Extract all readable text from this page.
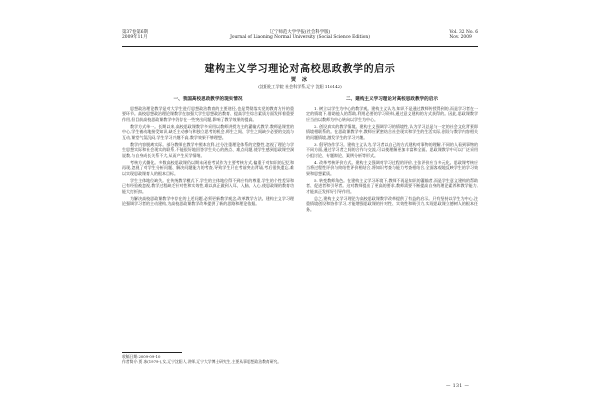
第37卷第6期
2009年11月
辽宁师范大学学报(社会科学版)
Journal of Liaoning Normal University (Social Science Edition)
Vol. 32 No. 6
Nov. 2009
建构主义学习理论对高校思政教学的启示
贾 冰
(沈阳化工学院 社会科学系,辽宁 沈阳 110142)
一、我国高校思政教学的现实情况

思想政治理论教学是对大学生进行思想政治教育的主要途径,也是贯彻落实党的教育方针的重要环节。高校思想政治理论课教学在加强大学生思想政治教育、提高学生综合素质方面发挥着重要作用,但目前高校思政课教学中仍存在一些突出问题,影响了教学效果的提高。

教学方式单一。长期以来,高校思政课教学多采用以教师讲授为主的灌输式教学,教师是课堂的中心,学生被动地接受知识,缺乏主动参与和独立思考的机会,师生之间、学生之间缺少必要的交流与互动,课堂气氛沉闷,学生学习兴趣不高,教学效果不够理想。

教学内容脱离实际。部分教师在教学中照本宣科,过分注重理论体系的完整性,忽视了理论与学生思想实际和社会现实的联系,不能很好地回答学生关心的热点、难点问题,使学生感到思政课空洞说教,与自身成长关系不大,从而产生厌学情绪。

考核方式僵化。多数高校思政课仍以期末闭卷考试作为主要考核方式,偏重于对知识的记忆和再现,忽视了对学生分析问题、解决问题能力的考查,导致学生只在考前突击背诵,考后很快遗忘,难以实现思政课育人的根本目标。

学生主体地位缺失。在传统教学模式下,学生的主体地位得不到应有的尊重,学生的个性差异和已有经验被忽视,教学过程缺乏针对性和实效性,难以真正做到入耳、入脑、入心,使思政课的教育功能大打折扣。

为解决高校思政课教学中存在的上述问题,必须更新教学观念,改革教学方法。建构主义学习理论强调学习者的主动建构,为高校思政课教学改革提供了新的思路和理论依据。

二、建构主义学习理论对高校思政教学的启示

1. 树立以学生为中心的教学观。建构主义认为,知识不是通过教师传授得到的,而是学习者在一定的情境下,借助他人的帮助,利用必要的学习资料,通过意义建构的方式获得的。因此,思政课教学应当由以教师为中心转向以学生为中心。

2. 创设真实的教学情境。建构主义强调学习的情境性,认为学习总是与一定的社会文化背景即情境相联系的。在思政课教学中,教师应紧密结合社会现实和学生的生活实际,创设与教学内容相关的问题情境,激发学生的学习兴趣。

3. 倡导协作学习。建构主义认为,学习者以自己的方式建构对事物的理解,不同的人看到事物的不同方面,通过学习者之间的合作与交流,可以使理解更加丰富和全面。思政课教学中可以广泛采用小组讨论、专题辩论、案例分析等形式。

4. 改革考核评价方式。建构主义强调对学习过程的评价,主张评价应当多元化。思政课考核应当将过程性评价与终结性评价相结合,将知识考查与能力考查相结合,全面客观地反映学生的学习效果和思想素质。

5. 转变教师角色。在建构主义学习环境下,教师不再是知识的灌输者,而是学生意义建构的帮助者、促进者和引导者。这对教师提出了更高的要求,教师需要不断提高自身的理论素养和教学能力,才能真正发挥好引导作用。

总之,建构主义学习理论为高校思政课教学改革提供了有益的启示。只有坚持以学生为中心,注重情境创设和协作学习,才能增强思政课的针对性、实效性和吸引力,实现思政课立德树人的根本任务。

收稿日期:2009-09-10
作者简介:贾 冰(1979-),女,辽宁沈阳人,讲师,辽宁大学博士研究生,主要从事思想政治教育研究。
— 131 —
